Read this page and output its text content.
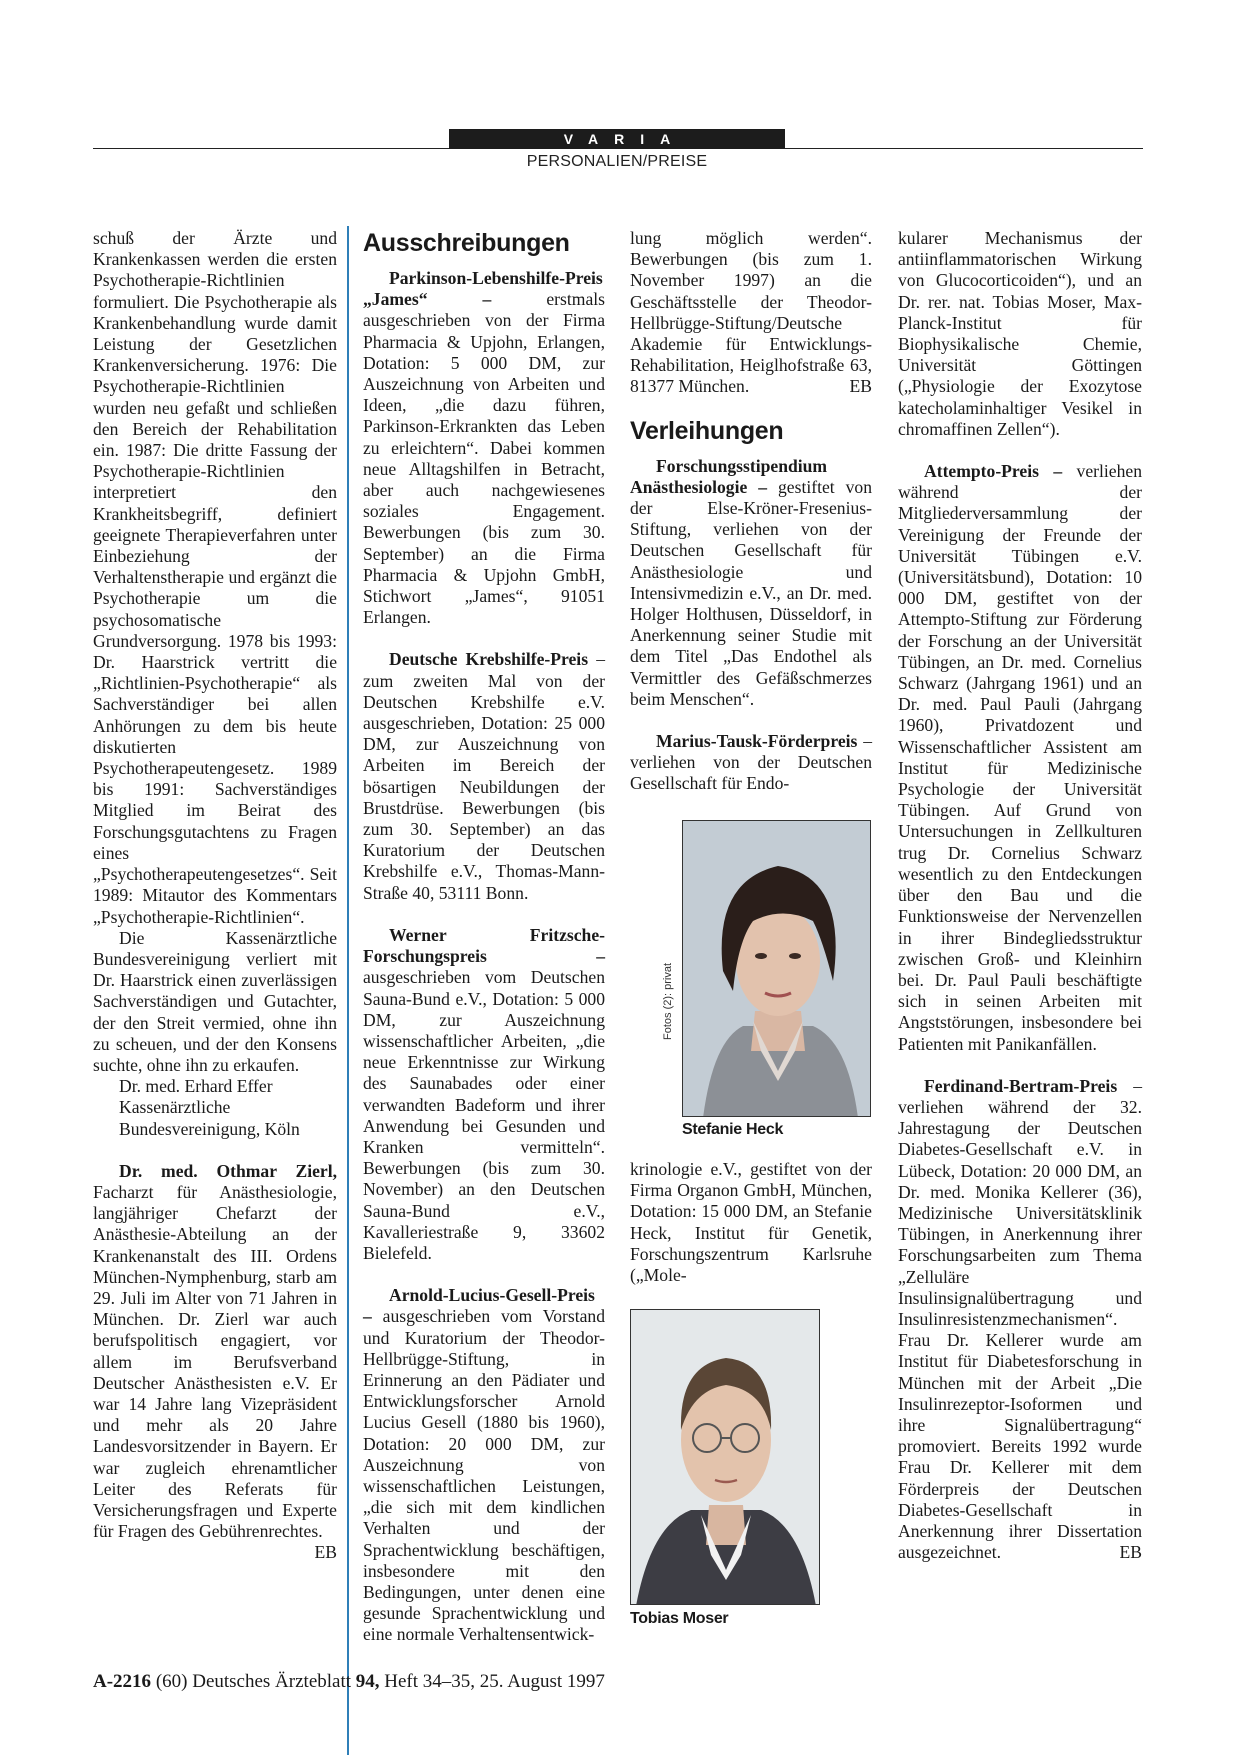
VARIA
PERSONALIEN/PREISE

schuß der Ärzte und Krankenkassen werden die ersten Psychotherapie-Richtlinien formuliert. Die Psychotherapie als Krankenbehandlung wurde damit Leistung der Gesetzlichen Krankenversicherung. 1976: Die Psychotherapie-Richtlinien wurden neu gefaßt und schließen den Bereich der Rehabilitation ein. 1987: Die dritte Fassung der Psychotherapie-Richtlinien interpretiert den Krankheitsbegriff, definiert geeignete Therapieverfahren unter Einbeziehung der Verhaltenstherapie und ergänzt die Psychotherapie um die psychosomatische Grundversorgung. 1978 bis 1993: Dr. Haarstrick vertritt die „Richtlinien-Psychotherapie“ als Sachverständiger bei allen Anhörungen zu dem bis heute diskutierten Psychotherapeutengesetz. 1989 bis 1991: Sachverständiges Mitglied im Beirat des Forschungsgutachtens zu Fragen eines „Psychotherapeutengesetzes“. Seit 1989: Mitautor des Kommentars „Psychotherapie-Richtlinien“.

Die Kassenärztliche Bundesvereinigung verliert mit Dr. Haarstrick einen zuverlässigen Sachverständigen und Gutachter, der den Streit vermied, ohne ihn zu scheuen, und der den Konsens suchte, ohne ihn zu erkaufen.

Dr. med. Erhard Effer

Kassenärztliche

Bundesvereinigung, Köln

Dr. med. Othmar Zierl, Facharzt für Anästhesiologie, langjähriger Chefarzt der Anästhesie-Abteilung an der Krankenanstalt des III. Ordens München-Nymphenburg, starb am 29. Juli im Alter von 71 Jahren in München. Dr. Zierl war auch berufspolitisch engagiert, vor allem im Berufsverband Deutscher Anästhesisten e.V. Er war 14 Jahre lang Vizepräsident und mehr als 20 Jahre Landesvorsitzender in Bayern. Er war zugleich ehrenamtlicher Leiter des Referats für Versicherungsfragen und Experte für Fragen des Gebührenrechtes.
EB

Ausschreibungen

Parkinson-Lebenshilfe-Preis „James“ – erstmals ausgeschrieben von der Firma Pharmacia & Upjohn, Erlangen, Dotation: 5 000 DM, zur Auszeichnung von Arbeiten und Ideen, „die dazu führen, Parkinson-Erkrankten das Leben zu erleichtern“. Dabei kommen neue Alltagshilfen in Betracht, aber auch nachgewiesenes soziales Engagement. Bewerbungen (bis zum 30. September) an die Firma Pharmacia & Upjohn GmbH, Stichwort „James“, 91051 Erlangen.

Deutsche Krebshilfe-Preis – zum zweiten Mal von der Deutschen Krebshilfe e.V. ausgeschrieben, Dotation: 25 000 DM, zur Auszeichnung von Arbeiten im Bereich der bösartigen Neubildungen der Brustdrüse. Bewerbungen (bis zum 30. September) an das Kuratorium der Deutschen Krebshilfe e.V., Thomas-Mann-Straße 40, 53111 Bonn.

Werner Fritzsche-Forschungspreis – ausgeschrieben vom Deutschen Sauna-Bund e.V., Dotation: 5 000 DM, zur Auszeichnung wissenschaftlicher Arbeiten, „die neue Erkenntnisse zur Wirkung des Saunabades oder einer verwandten Badeform und ihrer Anwendung bei Gesunden und Kranken vermitteln“. Bewerbungen (bis zum 30. November) an den Deutschen Sauna-Bund e.V., Kavalleriestraße 9, 33602 Bielefeld.

Arnold-Lucius-Gesell-Preis – ausgeschrieben vom Vorstand und Kuratorium der Theodor-Hellbrügge-Stiftung, in Erinnerung an den Pädiater und Entwicklungsforscher Arnold Lucius Gesell (1880 bis 1960), Dotation: 20 000 DM, zur Auszeichnung von wissenschaftlichen Leistungen, „die sich mit dem kindlichen Verhalten und der Sprachentwicklung beschäftigen, insbesondere mit den Bedingungen, unter denen eine gesunde Sprachentwicklung und eine normale Verhaltensentwick-

lung möglich werden“. Bewerbungen (bis zum 1. November 1997) an die Geschäftsstelle der Theodor-Hellbrügge-Stiftung/Deutsche Akademie für Entwicklungs-Rehabilitation, Heiglhofstraße 63, 81377 München.	EB

Verleihungen

Forschungsstipendium Anästhesiologie – gestiftet von der Else-Kröner-Fresenius-Stiftung, verliehen von der Deutschen Gesellschaft für Anästhesiologie und Intensivmedizin e.V., an Dr. med. Holger Holthusen, Düsseldorf, in Anerkennung seiner Studie mit dem Titel „Das Endothel als Vermittler des Gefäßschmerzes beim Menschen“.

Marius-Tausk-Förderpreis – verliehen von der Deutschen Gesellschaft für Endo-

krinologie e.V., gestiftet von der Firma Organon GmbH, München, Dotation: 15 000 DM, an Stefanie Heck, Institut für Genetik, Forschungszentrum Karlsruhe („Mole-

Fotos (2): privat
Stefanie Heck
Tobias Moser

kularer Mechanismus der antiinflammatorischen Wirkung von Glucocorticoiden“), und an Dr. rer. nat. Tobias Moser, Max-Planck-Institut für Biophysikalische Chemie, Universität Göttingen („Physiologie der Exozytose katecholaminhaltiger Vesikel in chromaffinen Zellen“).

Attempto-Preis – verliehen während der Mitgliederversammlung der Vereinigung der Freunde der Universität Tübingen e.V. (Universitätsbund), Dotation: 10 000 DM, gestiftet von der Attempto-Stiftung zur Förderung der Forschung an der Universität Tübingen, an Dr. med. Cornelius Schwarz (Jahrgang 1961) und an Dr. med. Paul Pauli (Jahrgang 1960), Privatdozent und Wissenschaftlicher Assistent am Institut für Medizinische Psychologie der Universität Tübingen. Auf Grund von Untersuchungen in Zellkulturen trug Dr. Cornelius Schwarz wesentlich zu den Entdeckungen über den Bau und die Funktionsweise der Nervenzellen in ihrer Bindegliedsstruktur zwischen Groß- und Kleinhirn bei. Dr. Paul Pauli beschäftigte sich in seinen Arbeiten mit Angststörungen, insbesondere bei Patienten mit Panikanfällen.

Ferdinand-Bertram-Preis – verliehen während der 32. Jahrestagung der Deutschen Diabetes-Gesellschaft e.V. in Lübeck, Dotation: 20 000 DM, an Dr. med. Monika Kellerer (36), Medizinische Universitätsklinik Tübingen, in Anerkennung ihrer Forschungsarbeiten zum Thema „Zelluläre Insulinsignalübertragung und Insulinresistenzmechanismen“. Frau Dr. Kellerer wurde am Institut für Diabetesforschung in München mit der Arbeit „Die Insulinrezeptor-Isoformen und ihre Signalübertragung“ promoviert. Bereits 1992 wurde Frau Dr. Kellerer mit dem Förderpreis der Deutschen Diabetes-Gesellschaft in Anerkennung ihrer Dissertation ausgezeichnet.	EB

A-2216 (60) Deutsches Ärzteblatt 94, Heft 34–35, 25. August 1997
